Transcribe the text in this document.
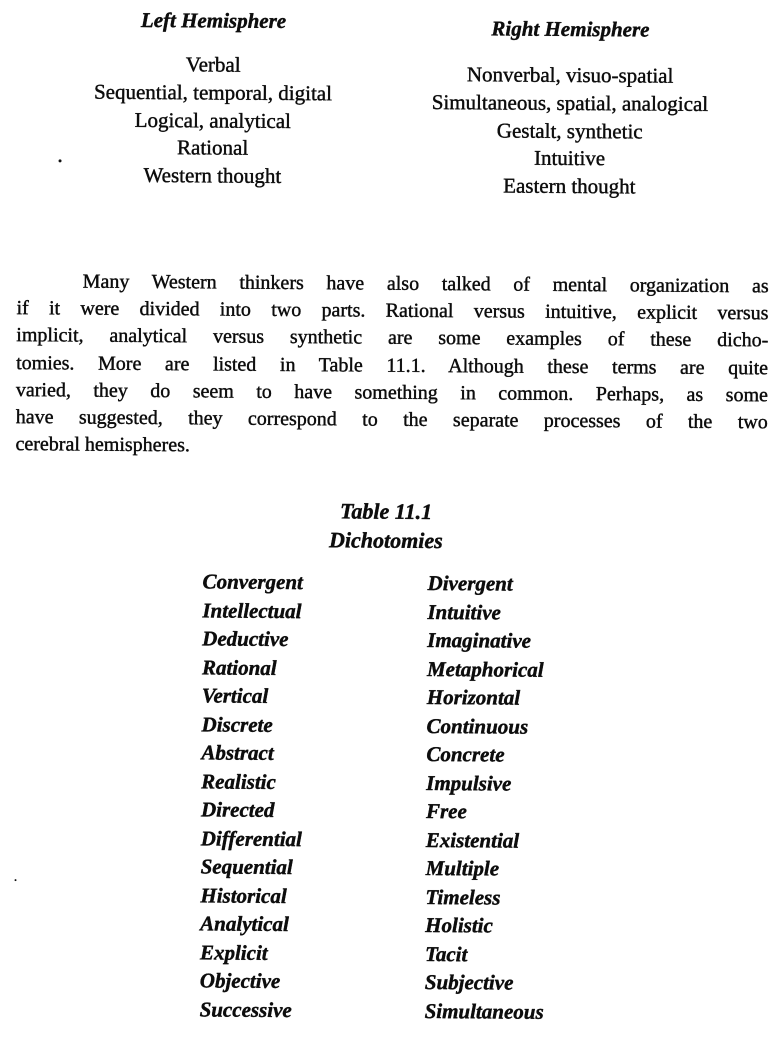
Left Hemisphere
Verbal
Sequential, temporal, digital
Logical, analytical
Rational
Western thought
Right Hemisphere
Nonverbal, visuo-spatial
Simultaneous, spatial, analogical
Gestalt, synthetic
Intuitive
Eastern thought
Many Western thinkers have also talked of mental organization as
if it were divided into two parts. Rational versus intuitive, explicit versus
implicit, analytical versus synthetic are some examples of these dicho-
tomies. More are listed in Table 11.1. Although these terms are quite
varied, they do seem to have something in common. Perhaps, as some
have suggested, they correspond to the separate processes of the two
cerebral hemispheres.
Table 11.1
Dichotomies
Convergent	Divergent
Intellectual	Intuitive
Deductive	Imaginative
Rational	Metaphorical
Vertical	Horizontal
Discrete	Continuous
Abstract	Concrete
Realistic	Impulsive
Directed	Free
Differential	Existential
Sequential	Multiple
Historical	Timeless
Analytical	Holistic
Explicit	Tacit
Objective	Subjective
Successive	Simultaneous
